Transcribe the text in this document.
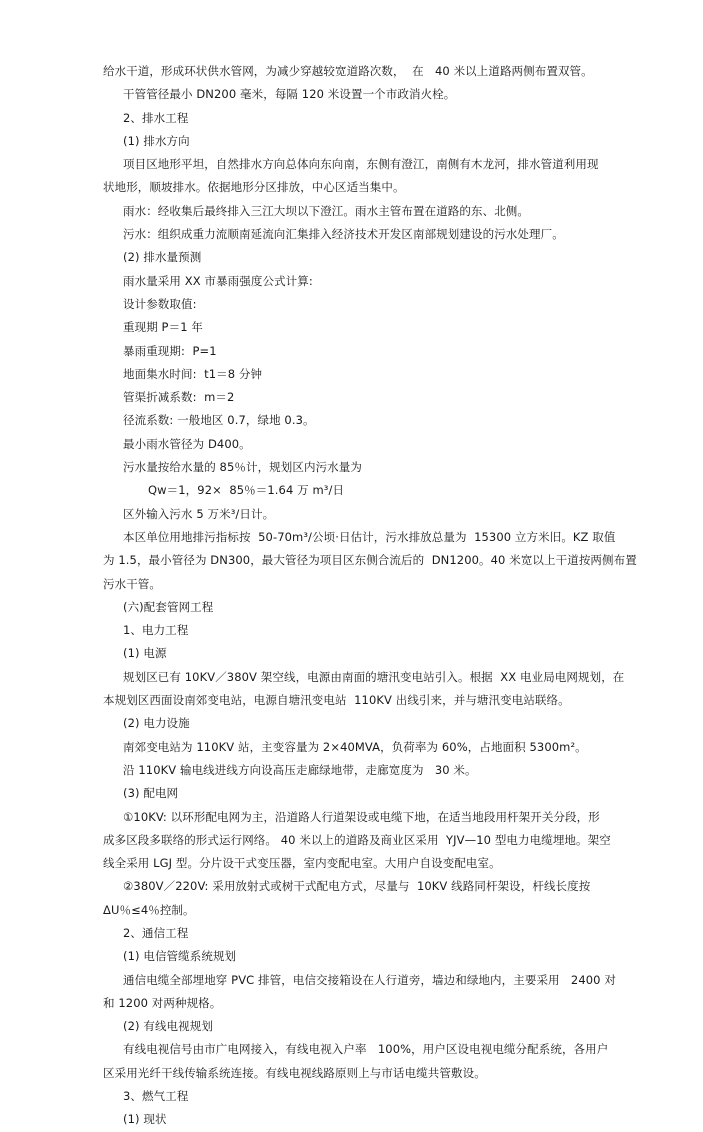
给水干道，形成环状供水管网，为减少穿越较宽道路次数，  在   40 米以上道路两侧布置双管。
干管管径最小 DN200 毫米，每隔 120 米设置一个市政消火栓。
2、排水工程
(1) 排水方向
项目区地形平坦，自然排水方向总体向东向南，东侧有澄江，南侧有木龙河，排水管道利用现
状地形，顺坡排水。依据地形分区排放，中心区适当集中。
雨水：经收集后最终排入三江大坝以下澄江。雨水主管布置在道路的东、北侧。
污水：组织成重力流顺南延流向汇集排入经济技术开发区南部规划建设的污水处理厂。
(2) 排水量预测
雨水量采用 XX 市暴雨强度公式计算:
设计参数取值:
重现期 P＝1 年
暴雨重现期:  P=1
地面集水时间:  t1＝8 分钟
管渠折减系数:  m＝2
径流系数: 一般地区 0.7，绿地 0.3。
最小雨水管径为 D400。
污水量按给水量的 85％计，规划区内污水量为
Qw＝1，92×  85％＝1.64 万 m³/日
区外输入污水 5 万米³/日计。
本区单位用地排污指标按  50-70m³/公顷·日估计，污水排放总量为  15300 立方米旧。KZ 取值
为 1.5，最小管径为 DN300，最大管径为项目区东侧合流后的  DN1200。40 米宽以上干道按两侧布置
污水干管。
(六)配套管网工程
1、电力工程
(1) 电源
规划区已有 10KV／380V 架空线，电源由南面的塘汛变电站引入。根据  XX 电业局电网规划，在
本规划区西面设南郊变电站，电源自塘汛变电站  110KV 出线引来，并与塘汛变电站联络。
(2) 电力设施
南郊变电站为 110KV 站，主变容量为 2×40MVA，负荷率为 60%，占地面积 5300m²。
沿 110KV 输电线进线方向设高压走廊绿地带，走廊宽度为   30 米。
(3) 配电网
①10KV: 以环形配电网为主，沿道路人行道架设或电缆下地，在适当地段用杆架开关分段，形
成多区段多联络的形式运行网络。 40 米以上的道路及商业区采用  YJV—10 型电力电缆埋地。架空
线全采用 LGJ 型。分片设干式变压器，室内变配电室。大用户自设变配电室。
②380V／220V: 采用放射式或树干式配电方式，尽量与  10KV 线路同杆架设，杆线长度按
ΔU％≤4％控制。
2、通信工程
(1) 电信管缆系统规划
通信电缆全部埋地穿 PVC 排管，电信交接箱设在人行道旁，墙边和绿地内，主要采用   2400 对
和 1200 对两种规格。
(2) 有线电视规划
有线电视信号由市广电网接入，有线电视入户率   100%，用户区设电视电缆分配系统，各用户
区采用光纤干线传输系统连接。有线电视线路原则上与市话电缆共管敷设。
3、燃气工程
(1) 现状
